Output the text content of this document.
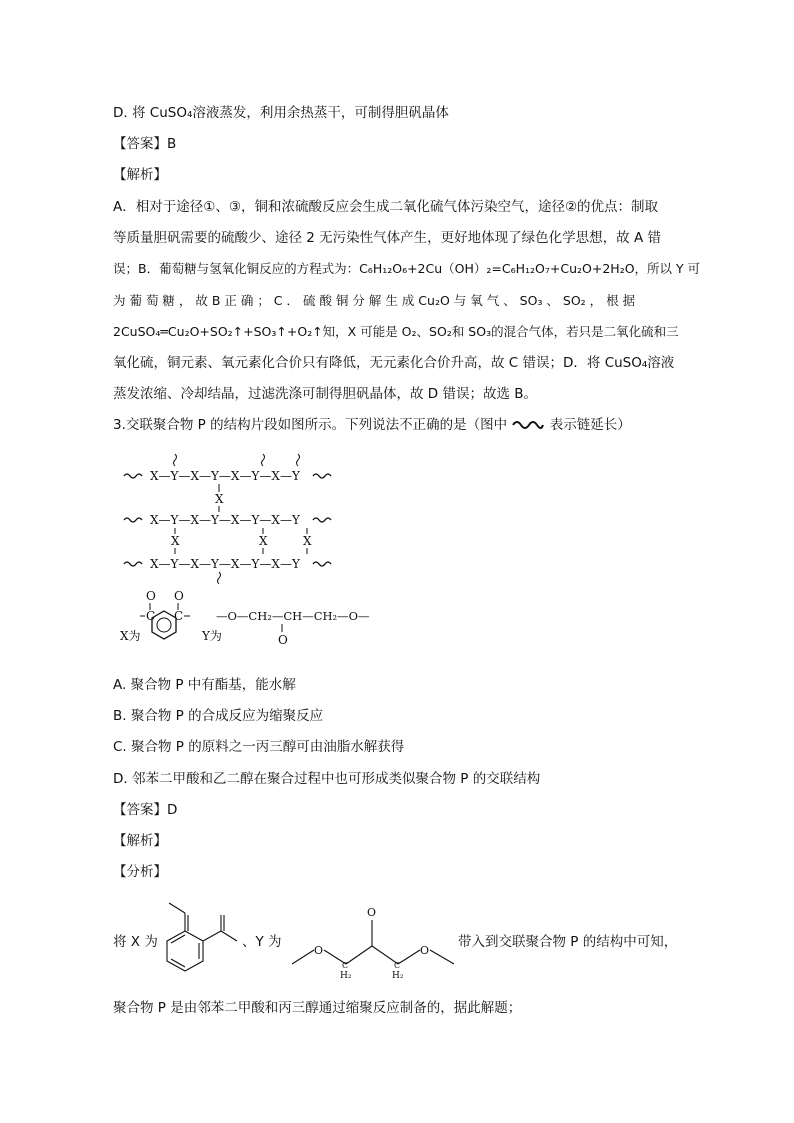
D. 将 CuSO₄溶液蒸发，利用余热蒸干，可制得胆矾晶体
【答案】B
【解析】
A．相对于途径①、③，铜和浓硫酸反应会生成二氧化硫气体污染空气，途径②的优点：制取
等质量胆矾需要的硫酸少、途径 2 无污染性气体产生，更好地体现了绿色化学思想，故 A 错
误；B．葡萄糖与氢氧化铜反应的方程式为：C₆H₁₂O₆+2Cu（OH）₂=C₆H₁₂O₇+Cu₂O+2H₂O，所以 Y 可
为 葡 萄 糖 ， 故 B 正 确 ； C ． 硫 酸 铜 分 解 生 成 Cu₂O 与 氧 气 、 SO₃ 、 SO₂ ， 根 据
2CuSO₄═Cu₂O+SO₂↑+SO₃↑+O₂↑知，X 可能是 O₂、SO₂和 SO₃的混合气体，若只是二氧化硫和三
氧化硫，铜元素、氧元素化合价只有降低，无元素化合价升高，故 C 错误；D．将 CuSO₄溶液
蒸发浓缩、冷却结晶，过滤洗涤可制得胆矾晶体，故 D 错误；故选 B。
3.交联聚合物 P 的结构片段如图所示。下列说法不正确的是（图中	表示链延长）
X—Y—X—Y—X—Y—X—Y
X
X—Y—X—Y—X—Y—X—Y
X	X	X
X—Y—X—Y—X—Y—X—Y
X为
O O
C C
Y为
—O—CH₂—CH—CH₂—O—
O
A. 聚合物 P 中有酯基，能水解
B. 聚合物 P 的合成反应为缩聚反应
C. 聚合物 P 的原料之一丙三醇可由油脂水解获得
D. 邻苯二甲酸和乙二醇在聚合过程中也可形成类似聚合物 P 的交联结构
【答案】D
【解析】
【分析】
将 X 为	、Y 为
O
O
O
C	C
H₂	H₂
带入到交联聚合物 P 的结构中可知，
聚合物 P 是由邻苯二甲酸和丙三醇通过缩聚反应制备的，据此解题；
